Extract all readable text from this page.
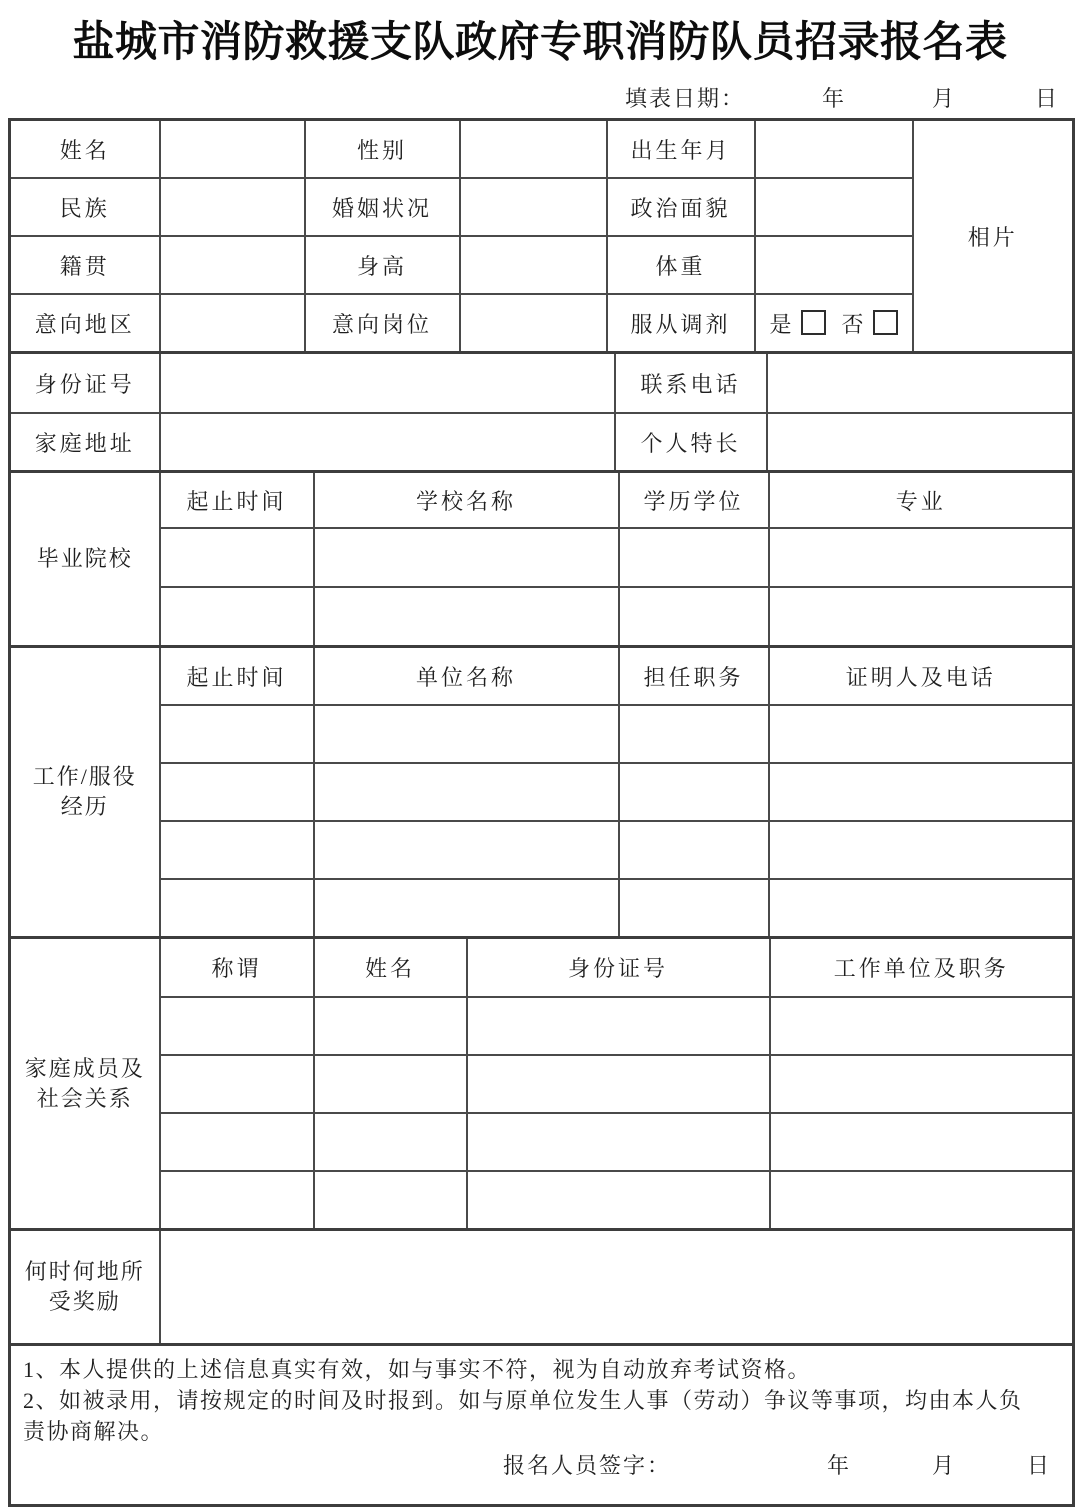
盐城市消防救援支队政府专职消防队员招录报名表
填表日期：	年	月	日
姓名		性别		出生年月		相片
民族		婚姻状况		政治面貌		
籍贯		身高		体重		
意向地区		意向岗位		服从调剂	是 否	
身份证号		联系电话	
家庭地址		个人特长	
毕业院校	起止时间	学校名称	学历学位	专业

工作/服役经历	起止时间	单位名称	担任职务	证明人及电话

家庭成员及社会关系	称谓	姓名	身份证号	工作单位及职务

何时何地所受奖励	

1、本人提供的上述信息真实有效，如与事实不符，视为自动放弃考试资格。

2、如被录用，请按规定的时间及时报到。如与原单位发生人事（劳动）争议等事项，均由本人负责协商解决。

报名人员签字：	年	月	日
